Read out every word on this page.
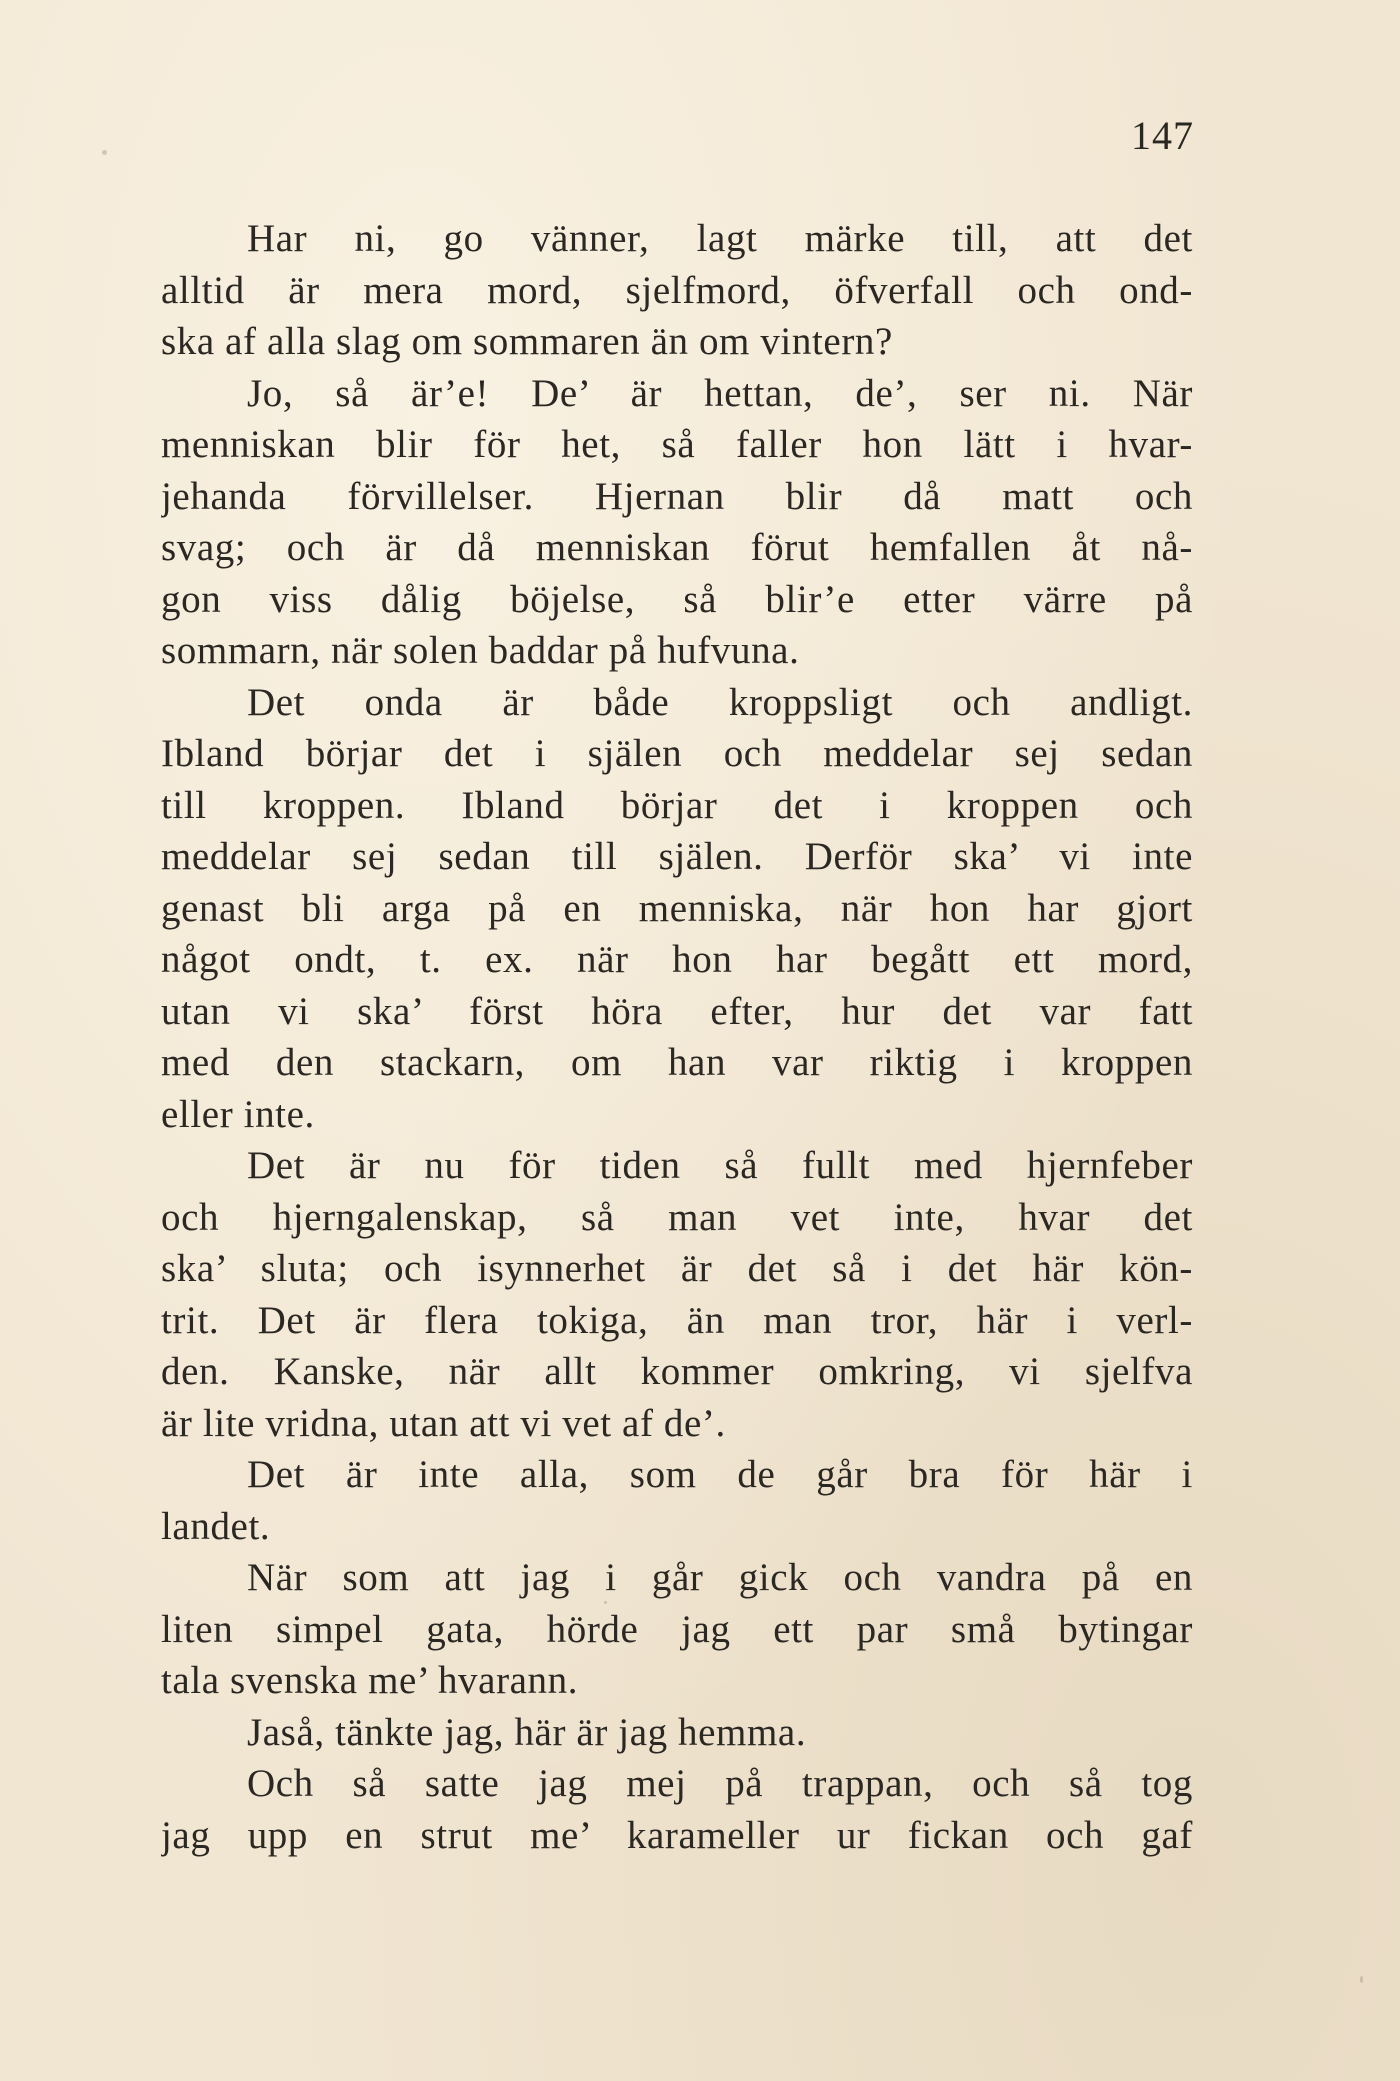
147
Har ni, go vänner, lagt märke till, att det
alltid är mera mord, sjelfmord, öfverfall och ond-
ska af alla slag om sommaren än om vintern?
Jo, så är’e! De’ är hettan, de’, ser ni. När
menniskan blir för het, så faller hon lätt i hvar-
jehanda förvillelser. Hjernan blir då matt och
svag; och är då menniskan förut hemfallen åt nå-
gon viss dålig böjelse, så blir’e etter värre på
sommarn, när solen baddar på hufvuna.
Det onda är både kroppsligt och andligt.
Ibland börjar det i själen och meddelar sej sedan
till kroppen. Ibland börjar det i kroppen och
meddelar sej sedan till själen. Derför ska’ vi inte
genast bli arga på en menniska, när hon har gjort
något ondt, t. ex. när hon har begått ett mord,
utan vi ska’ först höra efter, hur det var fatt
med den stackarn, om han var riktig i kroppen
eller inte.
Det är nu för tiden så fullt med hjernfeber
och hjerngalenskap, så man vet inte, hvar det
ska’ sluta; och isynnerhet är det så i det här kön-
trit. Det är flera tokiga, än man tror, här i verl-
den. Kanske, när allt kommer omkring, vi sjelfva
är lite vridna, utan att vi vet af de’.
Det är inte alla, som de går bra för här i
landet.
När som att jag i går gick och vandra på en
liten simpel gata, hörde jag ett par små bytingar
tala svenska me’ hvarann.
Jaså, tänkte jag, här är jag hemma.
Och så satte jag mej på trappan, och så tog
jag upp en strut me’ karameller ur fickan och gaf
